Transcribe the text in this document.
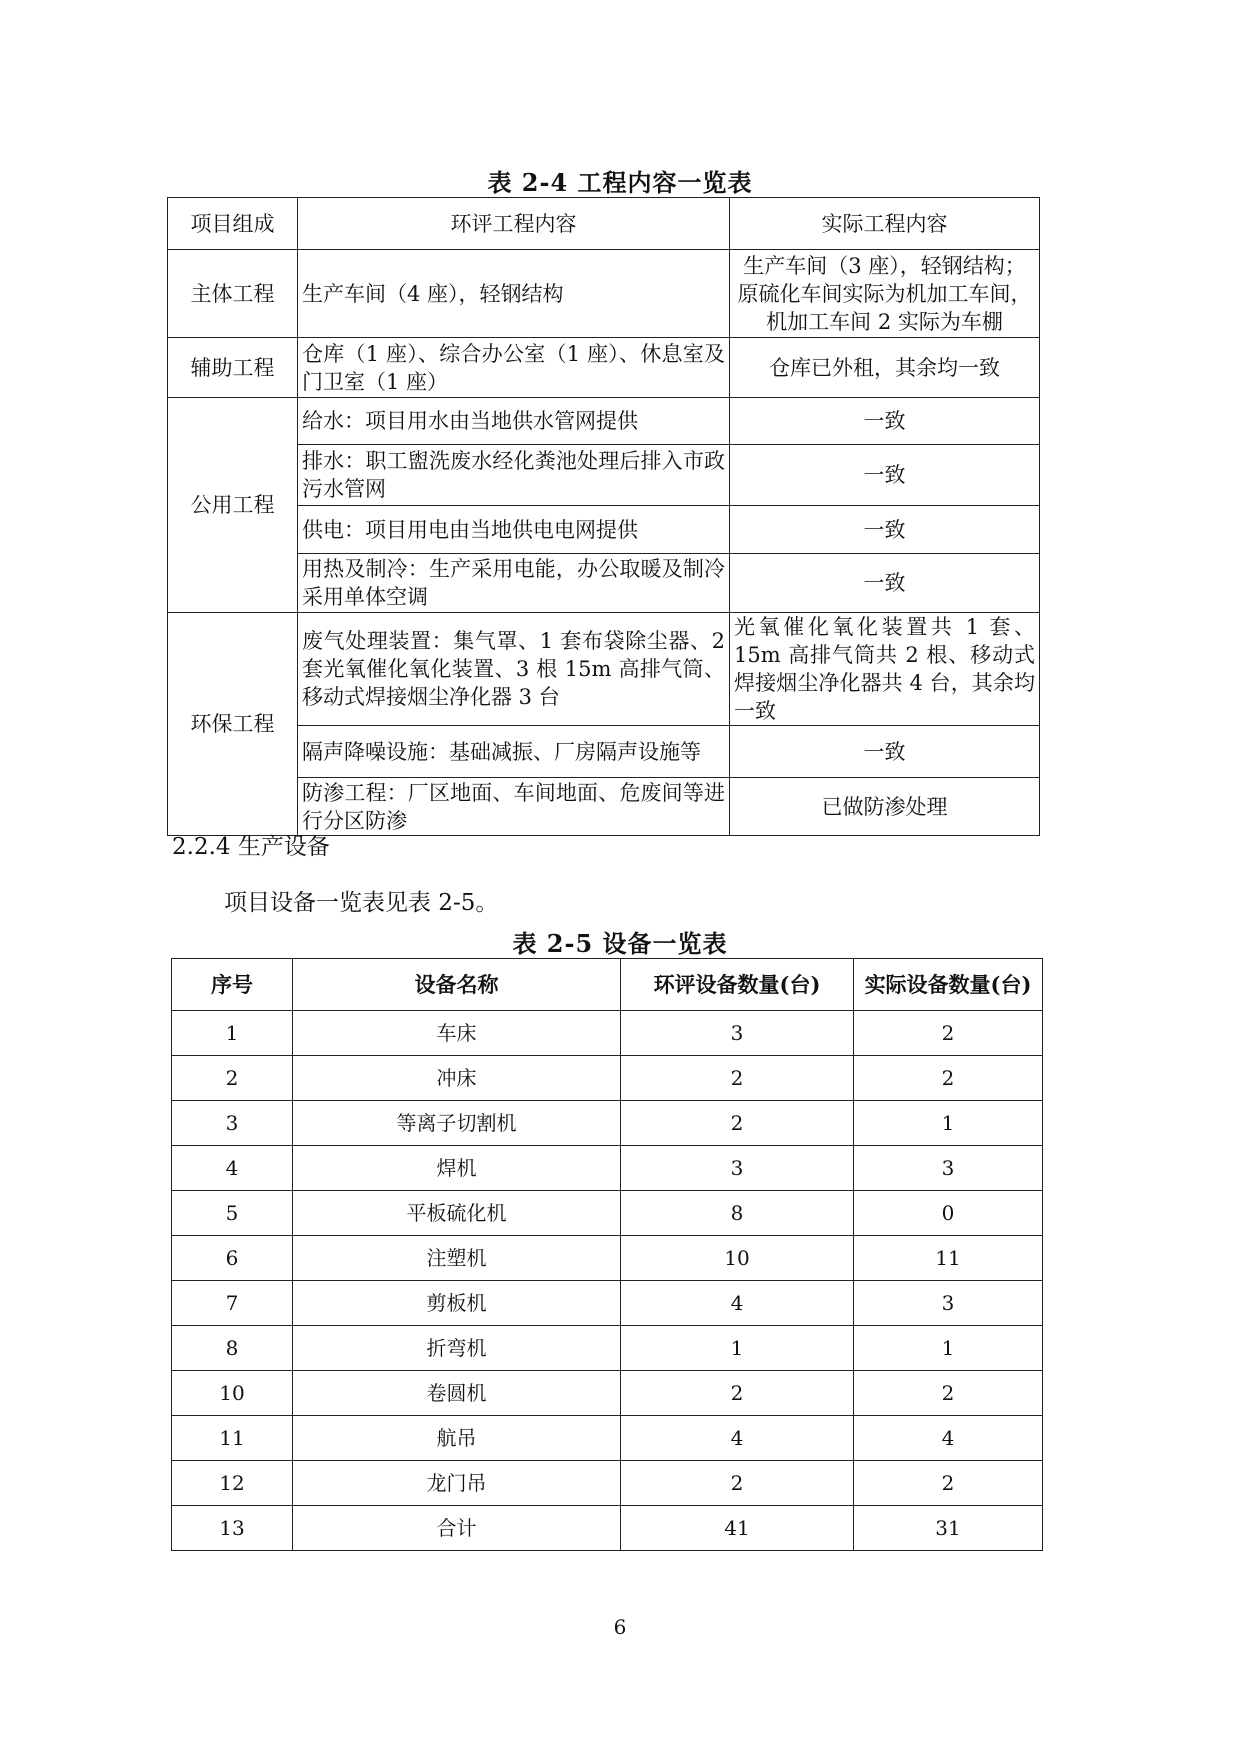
表 2-4 工程内容一览表
项目组成	环评工程内容	实际工程内容
主体工程	生产车间（4 座），轻钢结构	生产车间（3 座），轻钢结构；原硫化车间实际为机加工车间，机加工车间 2 实际为车棚
辅助工程	仓库（1 座）、综合办公室（1 座）、休息室及门卫室（1 座）	仓库已外租，其余均一致
公用工程	给水：项目用水由当地供水管网提供	一致
	排水：职工盥洗废水经化粪池处理后排入市政污水管网	一致
	供电：项目用电由当地供电电网提供	一致
	用热及制冷：生产采用电能，办公取暖及制冷采用单体空调	一致
环保工程	废气处理装置：集气罩、1 套布袋除尘器、2 套光氧催化氧化装置、3 根 15m 高排气筒、移动式焊接烟尘净化器 3 台	光氧催化氧化装置共 1 套、15m 高排气筒共 2 根、移动式焊接烟尘净化器共 4 台，其余均一致
	隔声降噪设施：基础减振、厂房隔声设施等	一致
	防渗工程：厂区地面、车间地面、危废间等进行分区防渗	已做防渗处理
2.2.4 生产设备
项目设备一览表见表 2-5。
表 2-5 设备一览表
序号	设备名称	环评设备数量(台)	实际设备数量(台)
1	车床	3	2
2	冲床	2	2
3	等离子切割机	2	1
4	焊机	3	3
5	平板硫化机	8	0
6	注塑机	10	11
7	剪板机	4	3
8	折弯机	1	1
10	卷圆机	2	2
11	航吊	4	4
12	龙门吊	2	2
13	合计	41	31
6
